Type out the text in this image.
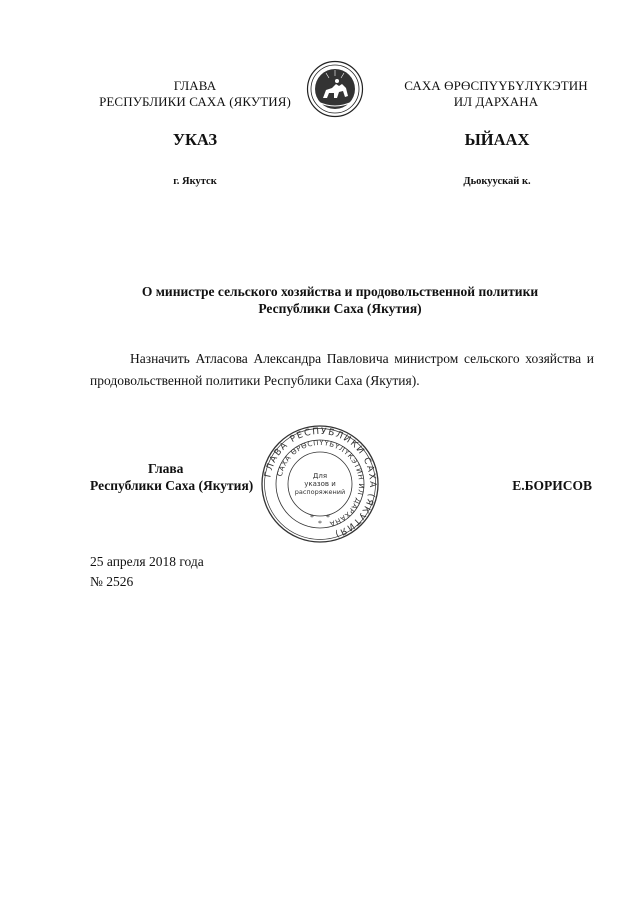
ГЛАВА
РЕСПУБЛИКИ САХА (ЯКУТИЯ)
САХА ӨРӨСПҮҮБҮЛҮКЭТИН
ИЛ ДАРХАНА
УКАЗ	ЫЙААХ
г. Якутск	Дьокуускай к.
О министре сельского хозяйства и продовольственной политики
Республики Саха (Якутия)
Назначить Атласова Александра Павловича министром сельского хозяйства и продовольственной политики Республики Саха (Якутия).
ГЛАВА РЕСПУБЛИКИ САХА (ЯКУТИЯ)
САХА ӨРӨСПҮҮБҮЛҮКЭТИН ИЛ ДАРХАНА
Для
указов и
распоряжений
* *
*
Глава
Республики Саха (Якутия)	Е.БОРИСОВ
25 апреля 2018 года
№ 2526
